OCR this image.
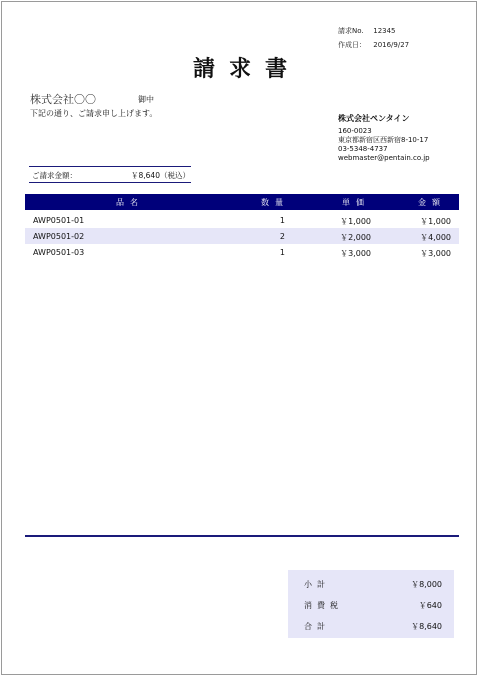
請求No. 12345
作成日： 2016/9/27
請求書
株式会社〇〇	御中
下記の通り、ご請求申し上げます。
株式会社ペンタイン
160-0023
東京都新宿区西新宿8-10-17
03-5348-4737
webmaster@pentain.co.jp
ご請求金額：	￥8,640（税込）
品名	数量	単価	金額
AWP0501-01	1	￥1,000	￥1,000
AWP0501-02	2	￥2,000	￥4,000
AWP0501-03	1	￥3,000	￥3,000
小計	￥8,000
消費税	￥640
合計	￥8,640
